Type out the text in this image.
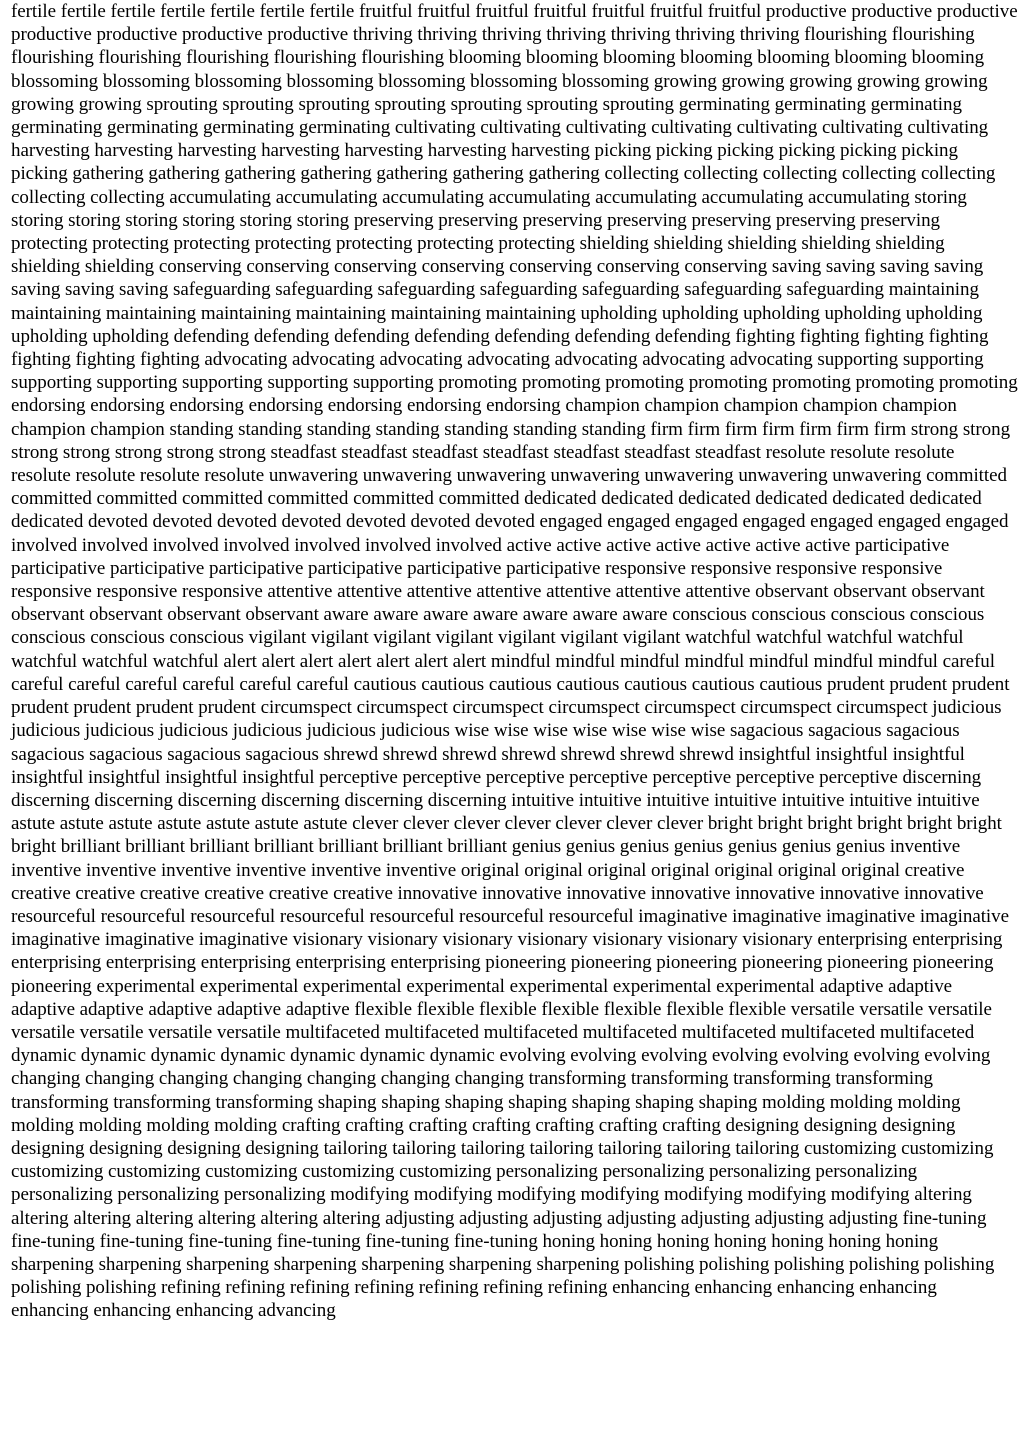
fertile fertile fertile fertile fertile fertile fertile fruitful fruitful fruitful fruitful fruitful fruitful fruitful productive productive productive productive productive productive productive thriving thriving thriving thriving thriving thriving thriving flourishing flourishing flourishing flourishing flourishing flourishing flourishing blooming blooming blooming blooming blooming blooming blooming blossoming blossoming blossoming blossoming blossoming blossoming blossoming growing growing growing growing growing growing growing sprouting sprouting sprouting sprouting sprouting sprouting sprouting germinating germinating germinating germinating germinating germinating germinating cultivating cultivating cultivating cultivating cultivating cultivating cultivating harvesting harvesting harvesting harvesting harvesting harvesting harvesting picking picking picking picking picking picking picking gathering gathering gathering gathering gathering gathering gathering collecting collecting collecting collecting collecting collecting collecting accumulating accumulating accumulating accumulating accumulating accumulating accumulating storing storing storing storing storing storing storing preserving preserving preserving preserving preserving preserving preserving protecting protecting protecting protecting protecting protecting protecting shielding shielding shielding shielding shielding shielding shielding conserving conserving conserving conserving conserving conserving conserving saving saving saving saving saving saving saving safeguarding safeguarding safeguarding safeguarding safeguarding safeguarding safeguarding maintaining maintaining maintaining maintaining maintaining maintaining maintaining upholding upholding upholding upholding upholding upholding upholding defending defending defending defending defending defending defending fighting fighting fighting fighting fighting fighting fighting advocating advocating advocating advocating advocating advocating advocating supporting supporting supporting supporting supporting supporting supporting promoting promoting promoting promoting promoting promoting promoting endorsing endorsing endorsing endorsing endorsing endorsing endorsing champion champion champion champion champion champion champion standing standing standing standing standing standing standing firm firm firm firm firm firm firm strong strong strong strong strong strong strong steadfast steadfast steadfast steadfast steadfast steadfast steadfast resolute resolute resolute resolute resolute resolute resolute unwavering unwavering unwavering unwavering unwavering unwavering unwavering committed committed committed committed committed committed committed dedicated dedicated dedicated dedicated dedicated dedicated dedicated devoted devoted devoted devoted devoted devoted devoted engaged engaged engaged engaged engaged engaged engaged involved involved involved involved involved involved involved active active active active active active active participative participative participative participative participative participative participative responsive responsive responsive responsive responsive responsive responsive attentive attentive attentive attentive attentive attentive attentive observant observant observant observant observant observant observant aware aware aware aware aware aware aware conscious conscious conscious conscious conscious conscious conscious vigilant vigilant vigilant vigilant vigilant vigilant vigilant watchful watchful watchful watchful watchful watchful watchful alert alert alert alert alert alert alert mindful mindful mindful mindful mindful mindful mindful careful careful careful careful careful careful careful cautious cautious cautious cautious cautious cautious cautious prudent prudent prudent prudent prudent prudent prudent circumspect circumspect circumspect circumspect circumspect circumspect circumspect judicious judicious judicious judicious judicious judicious judicious wise wise wise wise wise wise wise sagacious sagacious sagacious sagacious sagacious sagacious sagacious shrewd shrewd shrewd shrewd shrewd shrewd shrewd insightful insightful insightful insightful insightful insightful insightful perceptive perceptive perceptive perceptive perceptive perceptive perceptive discerning discerning discerning discerning discerning discerning discerning intuitive intuitive intuitive intuitive intuitive intuitive intuitive astute astute astute astute astute astute astute clever clever clever clever clever clever clever bright bright bright bright bright bright bright brilliant brilliant brilliant brilliant brilliant brilliant brilliant genius genius genius genius genius genius genius inventive inventive inventive inventive inventive inventive inventive original original original original original original original creative creative creative creative creative creative creative innovative innovative innovative innovative innovative innovative innovative resourceful resourceful resourceful resourceful resourceful resourceful resourceful imaginative imaginative imaginative imaginative imaginative imaginative imaginative visionary visionary visionary visionary visionary visionary visionary enterprising enterprising enterprising enterprising enterprising enterprising enterprising pioneering pioneering pioneering pioneering pioneering pioneering pioneering experimental experimental experimental experimental experimental experimental experimental adaptive adaptive adaptive adaptive adaptive adaptive adaptive flexible flexible flexible flexible flexible flexible flexible versatile versatile versatile versatile versatile versatile versatile multifaceted multifaceted multifaceted multifaceted multifaceted multifaceted multifaceted dynamic dynamic dynamic dynamic dynamic dynamic dynamic evolving evolving evolving evolving evolving evolving evolving changing changing changing changing changing changing changing transforming transforming transforming transforming transforming transforming transforming shaping shaping shaping shaping shaping shaping shaping molding molding molding molding molding molding molding crafting crafting crafting crafting crafting crafting crafting designing designing designing designing designing designing designing tailoring tailoring tailoring tailoring tailoring tailoring tailoring customizing customizing customizing customizing customizing customizing customizing personalizing personalizing personalizing personalizing personalizing personalizing personalizing modifying modifying modifying modifying modifying modifying modifying altering altering altering altering altering altering altering adjusting adjusting adjusting adjusting adjusting adjusting adjusting fine-tuning fine-tuning fine-tuning fine-tuning fine-tuning fine-tuning fine-tuning honing honing honing honing honing honing honing sharpening sharpening sharpening sharpening sharpening sharpening sharpening polishing polishing polishing polishing polishing polishing polishing refining refining refining refining refining refining refining enhancing enhancing enhancing enhancing enhancing enhancing enhancing advancing
